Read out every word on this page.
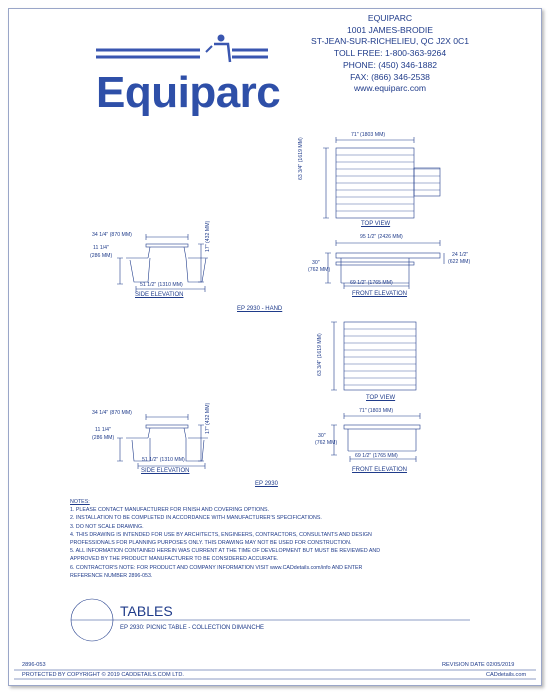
Equiparc
EQUIPARC
1001 JAMES-BRODIE
ST-JEAN-SUR-RICHELIEU, QC J2X 0C1
TOLL FREE: 1-800-363-9264
PHONE: (450) 346-1882
FAX: (866) 346-2538
www.equiparc.com
71" (1803 MM)
63 3/4" (1619 MM)
TOP VIEW
95 1/2" (2426 MM)
30"
(762 MM)
24 1/2"
(622 MM)
69 1/2" (1765 MM)
FRONT ELEVATION
34 1/4" (870 MM)
11 1/4"
(286 MM)
17" (432 MM)
51 1/2" (1310 MM)
SIDE ELEVATION
EP 2930 - HAND
63 3/4" (1619 MM)
TOP VIEW
71" (1803 MM)
30"
(762 MM)
69 1/2" (1765 MM)
FRONT ELEVATION
34 1/4" (870 MM)
11 1/4"
(286 MM)
17" (432 MM)
51 1/2" (1310 MM)
SIDE ELEVATION
EP 2930
NOTES:
1. PLEASE CONTACT MANUFACTURER FOR FINISH AND COVERING OPTIONS.
2. INSTALLATION TO BE COMPLETED IN ACCORDANCE WITH MANUFACTURER'S SPECIFICATIONS.
3. DO NOT SCALE DRAWING.
4. THIS DRAWING IS INTENDED FOR USE BY ARCHITECTS, ENGINEERS, CONTRACTORS, CONSULTANTS AND DESIGN
PROFESSIONALS FOR PLANNING PURPOSES ONLY. THIS DRAWING MAY NOT BE USED FOR CONSTRUCTION.
5. ALL INFORMATION CONTAINED HEREIN WAS CURRENT AT THE TIME OF DEVELOPMENT BUT MUST BE REVIEWED AND
APPROVED BY THE PRODUCT MANUFACTURER TO BE CONSIDERED ACCURATE.
6. CONTRACTOR'S NOTE: FOR PRODUCT AND COMPANY INFORMATION VISIT www.CADdetails.com/info AND ENTER
REFERENCE NUMBER 2896-053.
TABLES
EP 2930: PICNIC TABLE - COLLECTION DIMANCHE
2896-053	REVISION DATE 02/05/2019
PROTECTED BY COPYRIGHT © 2019 CADDETAILS.COM LTD.	CADdetails.com
